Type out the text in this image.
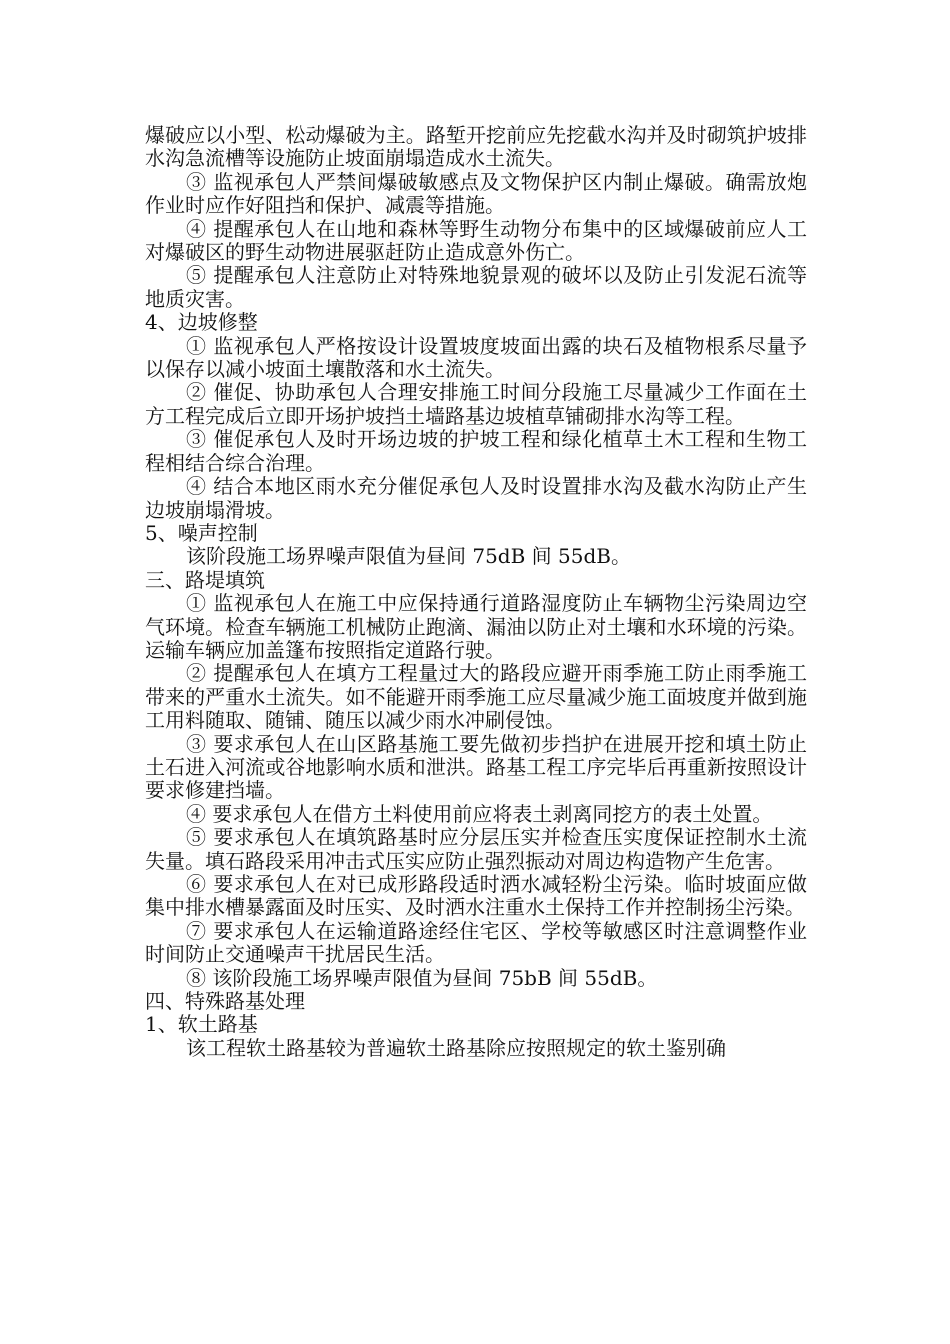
爆破应以小型、松动爆破为主。路堑开挖前应先挖截水沟并及时砌筑护坡排水沟急流槽等设施防止坡面崩塌造成水土流失。

③ 监视承包人严禁间爆破敏感点及文物保护区内制止爆破。确需放炮作业时应作好阻挡和保护、减震等措施。

④ 提醒承包人在山地和森林等野生动物分布集中的区域爆破前应人工对爆破区的野生动物进展驱赶防止造成意外伤亡。

⑤ 提醒承包人注意防止对特殊地貌景观的破坏以及防止引发泥石流等地质灾害。

4、边坡修整

① 监视承包人严格按设计设置坡度坡面出露的块石及植物根系尽量予以保存以减小坡面土壤散落和水土流失。

② 催促、协助承包人合理安排施工时间分段施工尽量减少工作面在土方工程完成后立即开场护坡挡土墙路基边坡植草铺砌排水沟等工程。

③ 催促承包人及时开场边坡的护坡工程和绿化植草土木工程和生物工程相结合综合治理。

④ 结合本地区雨水充分催促承包人及时设置排水沟及截水沟防止产生边坡崩塌滑坡。

5、噪声控制

该阶段施工场界噪声限值为昼间 75dB 间 55dB。

三、路堤填筑

① 监视承包人在施工中应保持通行道路湿度防止车辆物尘污染周边空气环境。检查车辆施工机械防止跑滴、漏油以防止对土壤和水环境的污染。运输车辆应加盖篷布按照指定道路行驶。

② 提醒承包人在填方工程量过大的路段应避开雨季施工防止雨季施工带来的严重水土流失。如不能避开雨季施工应尽量减少施工面坡度并做到施工用料随取、随铺、随压以减少雨水冲刷侵蚀。

③ 要求承包人在山区路基施工要先做初步挡护在进展开挖和填土防止土石进入河流或谷地影响水质和泄洪。路基工程工序完毕后再重新按照设计要求修建挡墙。

④ 要求承包人在借方土料使用前应将表土剥离同挖方的表土处置。

⑤ 要求承包人在填筑路基时应分层压实并检查压实度保证控制水土流失量。填石路段采用冲击式压实应防止强烈振动对周边构造物产生危害。

⑥ 要求承包人在对已成形路段适时洒水减轻粉尘污染。临时坡面应做集中排水槽暴露面及时压实、及时洒水注重水土保持工作并控制扬尘污染。

⑦ 要求承包人在运输道路途经住宅区、学校等敏感区时注意调整作业时间防止交通噪声干扰居民生活。

⑧ 该阶段施工场界噪声限值为昼间 75bB 间 55dB。

四、特殊路基处理

1、软土路基

该工程软土路基较为普遍软土路基除应按照规定的软土鉴别确
